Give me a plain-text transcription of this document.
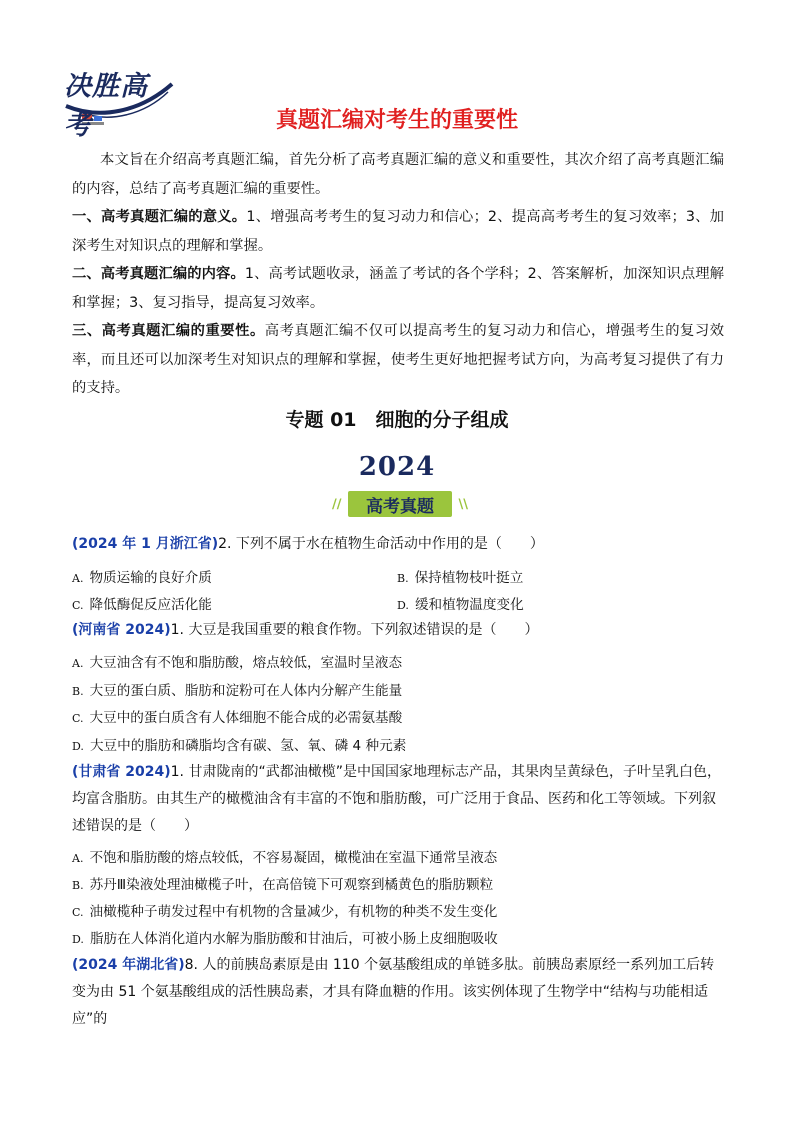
决胜高考	真题汇编对考生的重要性
本文旨在介绍高考真题汇编，首先分析了高考真题汇编的意义和重要性，其次介绍了高考真题汇编的内容，总结了高考真题汇编的重要性。
一、高考真题汇编的意义。1、增强高考考生的复习动力和信心；2、提高高考考生的复习效率；3、加深考生对知识点的理解和掌握。
二、高考真题汇编的内容。1、高考试题收录，涵盖了考试的各个学科；2、答案解析，加深知识点理解和掌握；3、复习指导，提高复习效率。
三、高考真题汇编的重要性。高考真题汇编不仅可以提高考生的复习动力和信心，增强考生的复习效率，而且还可以加深考生对知识点的理解和掌握，使考生更好地把握考试方向，为高考复习提供了有力的支持。
专题 01　细胞的分子组成
2024
//	\\
高考真题
(2024 年 1 月浙江省)2. 下列不属于水在植物生命活动中作用的是（　　）
A. 物质运输的良好介质	B. 保持植物枝叶挺立
C. 降低酶促反应活化能	D. 缓和植物温度变化
(河南省 2024)1. 大豆是我国重要的粮食作物。下列叙述错误的是（　　）
A. 大豆油含有不饱和脂肪酸，熔点较低，室温时呈液态
B. 大豆的蛋白质、脂肪和淀粉可在人体内分解产生能量
C. 大豆中的蛋白质含有人体细胞不能合成的必需氨基酸
D. 大豆中的脂肪和磷脂均含有碳、氢、氧、磷 4 种元素
(甘肃省 2024)1. 甘肃陇南的“武都油橄榄”是中国国家地理标志产品，其果肉呈黄绿色，子叶呈乳白色，均富含脂肪。由其生产的橄榄油含有丰富的不饱和脂肪酸，可广泛用于食品、医药和化工等领域。下列叙述错误的是（　　）
A. 不饱和脂肪酸的熔点较低，不容易凝固，橄榄油在室温下通常呈液态
B. 苏丹Ⅲ染液处理油橄榄子叶，在高倍镜下可观察到橘黄色的脂肪颗粒
C. 油橄榄种子萌发过程中有机物的含量减少，有机物的种类不发生变化
D. 脂肪在人体消化道内水解为脂肪酸和甘油后，可被小肠上皮细胞吸收
(2024 年湖北省)8. 人的前胰岛素原是由 110 个氨基酸组成的单链多肽。前胰岛素原经一系列加工后转变为由 51 个氨基酸组成的活性胰岛素，才具有降血糖的作用。该实例体现了生物学中“结构与功能相适应”的
